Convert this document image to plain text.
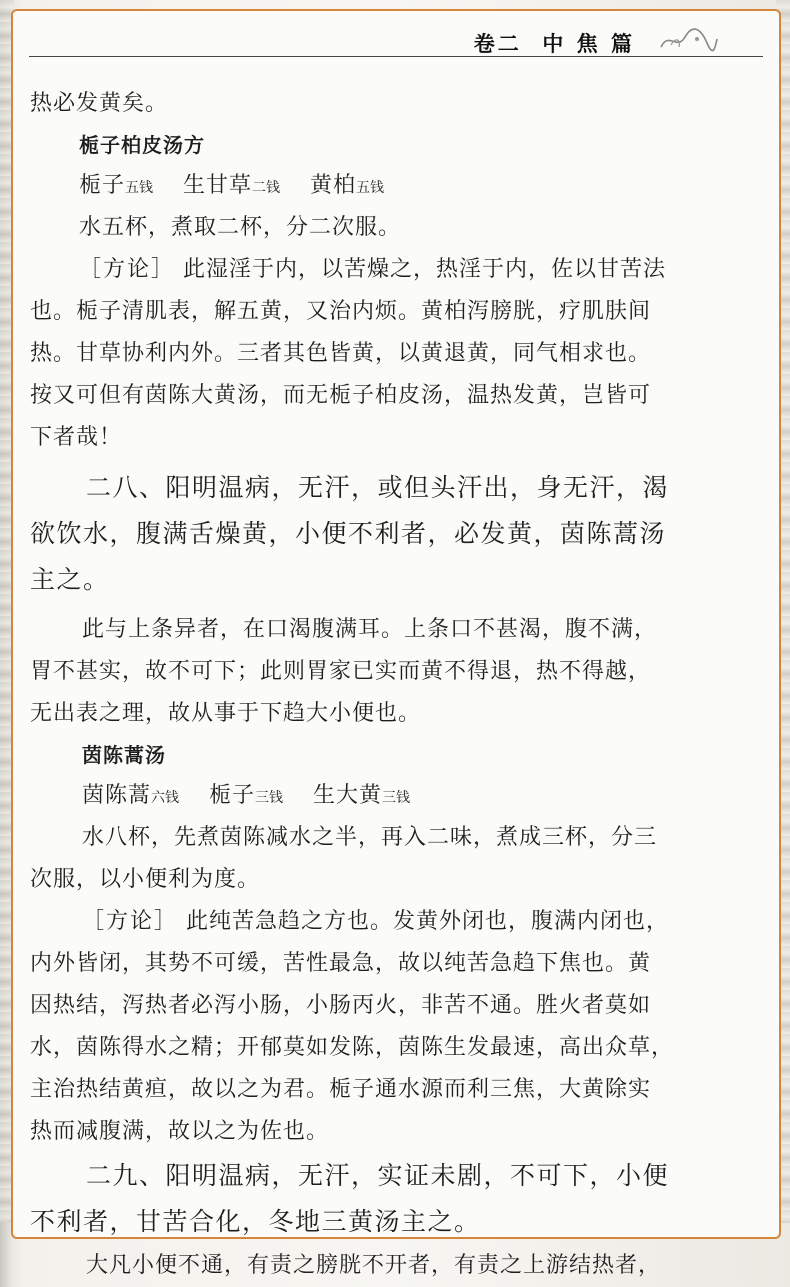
卷二  中 焦 篇
热必发黄矣。
栀子柏皮汤方
栀子五钱 生甘草二钱 黄柏五钱
水五杯，煮取二杯，分二次服。
［方论］ 此湿淫于内，以苦燥之，热淫于内，佐以甘苦法
也。栀子清肌表，解五黄，又治内烦。黄柏泻膀胱，疗肌肤间
热。甘草协利内外。三者其色皆黄，以黄退黄，同气相求也。
按又可但有茵陈大黄汤，而无栀子柏皮汤，温热发黄，岂皆可
下者哉！
二八、阳明温病，无汗，或但头汗出，身无汗，渴
欲饮水，腹满舌燥黄，小便不利者，必发黄，茵陈蒿汤
主之。
此与上条异者，在口渴腹满耳。上条口不甚渴，腹不满，
胃不甚实，故不可下；此则胃家已实而黄不得退，热不得越，
无出表之理，故从事于下趋大小便也。
茵陈蒿汤
茵陈蒿六钱 栀子三钱 生大黄三钱
水八杯，先煮茵陈减水之半，再入二味，煮成三杯，分三
次服，以小便利为度。
［方论］ 此纯苦急趋之方也。发黄外闭也，腹满内闭也，
内外皆闭，其势不可缓，苦性最急，故以纯苦急趋下焦也。黄
因热结，泻热者必泻小肠，小肠丙火，非苦不通。胜火者莫如
水，茵陈得水之精；开郁莫如发陈，茵陈生发最速，高出众草，
主治热结黄疸，故以之为君。栀子通水源而利三焦，大黄除实
热而减腹满，故以之为佐也。
二九、阳明温病，无汗，实证未剧，不可下，小便
不利者，甘苦合化，冬地三黄汤主之。
大凡小便不通，有责之膀胱不开者，有责之上游结热者，
